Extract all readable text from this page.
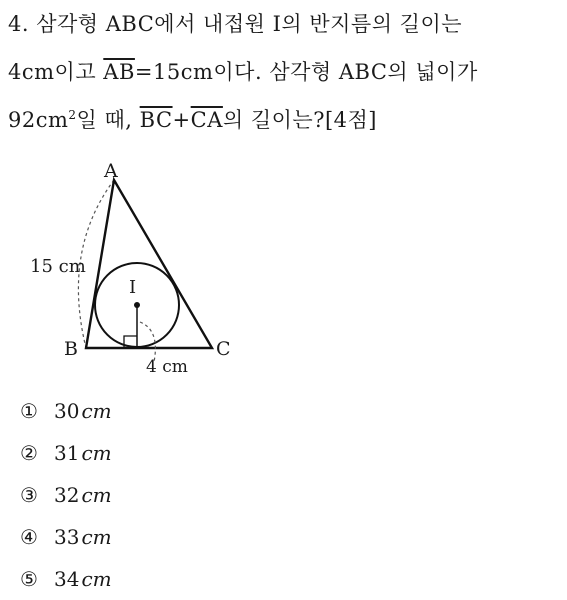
4. 삼각형 ABC에서 내접원 I의 반지름의 길이는
4cm이고 $\overline{AB}=15cm$이다. 삼각형 ABC의 넓이가
$92cm^2$일 때, $\overline{BC}+\overline{CA}$의 길이는?[4점]
A
B	C
I
15 cm
4 cm
① 30 cm
② 31 cm
③ 32 cm
④ 33 cm
⑤ 34 cm
